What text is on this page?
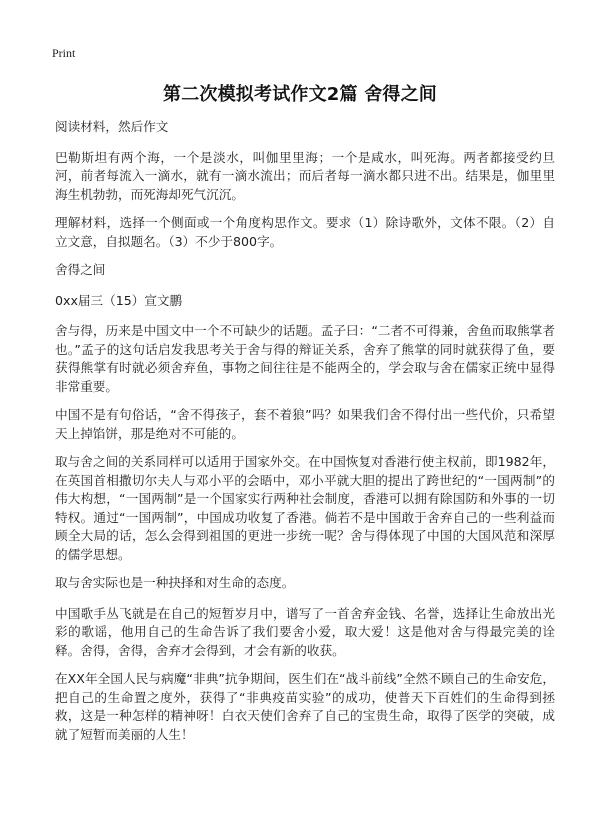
Print
第二次模拟考试作文2篇 舍得之间

阅读材料，然后作文

巴勒斯坦有两个海，一个是淡水，叫伽里里海；一个是咸水，叫死海。两者都接受约旦河，前者每流入一滴水，就有一滴水流出；而后者每一滴水都只进不出。结果是，伽里里海生机勃勃，而死海却死气沉沉。

理解材料，选择一个侧面或一个角度构思作文。要求（1）除诗歌外，文体不限。（2）自立文意，自拟题名。（3）不少于800字。

舍得之间

0xx届三（15）宣文鹏

舍与得，历来是中国文中一个不可缺少的话题。孟子曰：“二者不可得兼，舍鱼而取熊掌者也。”孟子的这句话启发我思考关于舍与得的辩证关系，舍弃了熊掌的同时就获得了鱼，要获得熊掌有时就必须舍弃鱼，事物之间往往是不能两全的，学会取与舍在儒家正统中显得非常重要。

中国不是有句俗话，“舍不得孩子，套不着狼”吗？如果我们舍不得付出一些代价，只希望天上掉馅饼，那是绝对不可能的。

取与舍之间的关系同样可以适用于国家外交。在中国恢复对香港行使主权前，即1982年，在英国首相撒切尔夫人与邓小平的会晤中，邓小平就大胆的提出了跨世纪的“一国两制”的伟大构想，“一国两制”是一个国家实行两种社会制度，香港可以拥有除国防和外事的一切特权。通过“一国两制”，中国成功收复了香港。倘若不是中国敢于舍弃自己的一些利益而顾全大局的话，怎么会得到祖国的更进一步统一呢？舍与得体现了中国的大国风范和深厚的儒学思想。

取与舍实际也是一种抉择和对生命的态度。

中国歌手丛飞就是在自己的短暂岁月中，谱写了一首舍弃金钱、名誉，选择让生命放出光彩的歌谣，他用自己的生命告诉了我们要舍小爱，取大爱！这是他对舍与得最完美的诠释。舍得，舍得，舍弃才会得到，才会有新的收获。

在XX年全国人民与病魔“非典”抗争期间，医生们在“战斗前线”全然不顾自己的生命安危，把自己的生命置之度外，获得了“非典疫苗实验”的成功，使普天下百姓们的生命得到拯救，这是一种怎样的精神呀！白衣天使们舍弃了自己的宝贵生命，取得了医学的突破，成就了短暂而美丽的人生！
